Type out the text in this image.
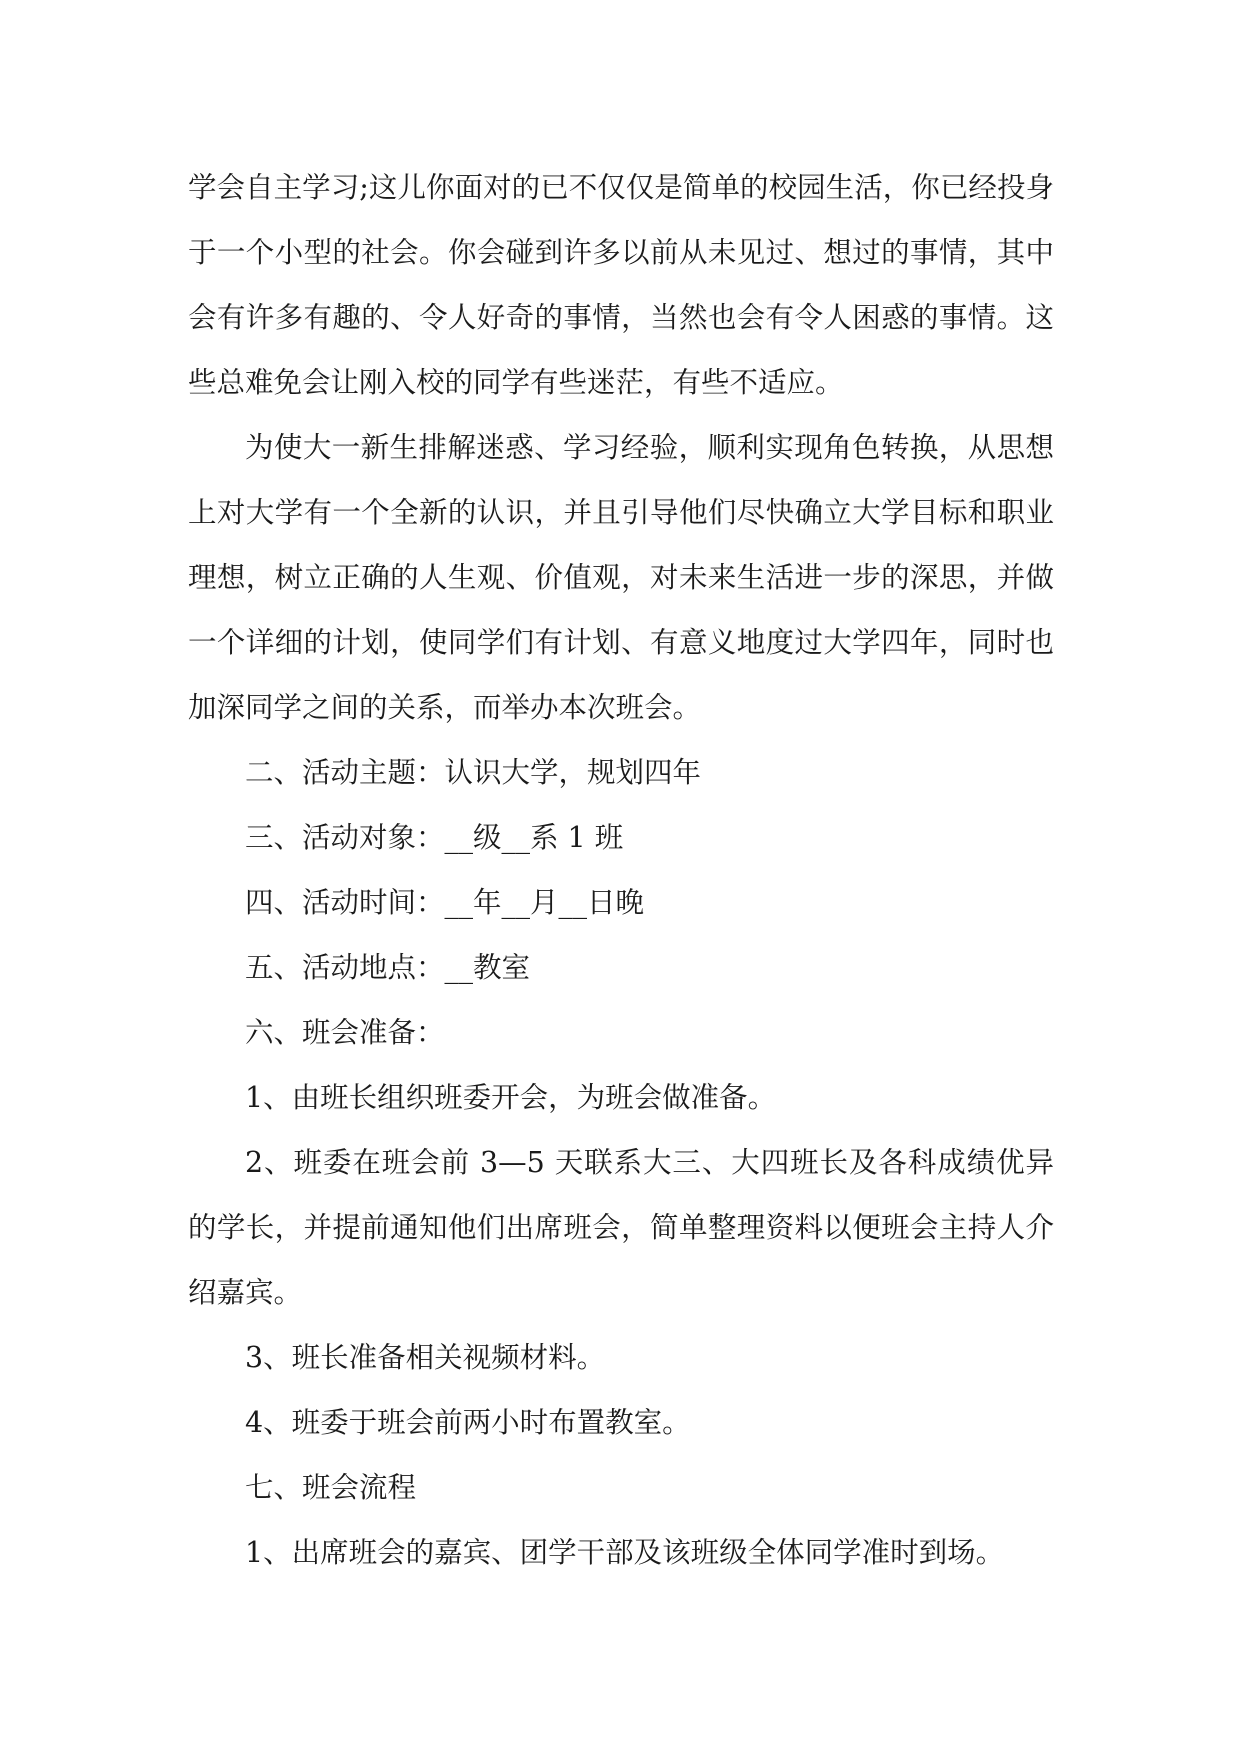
学会自主学习;这儿你面对的已不仅仅是简单的校园生活，你已经投身于一个小型的社会。你会碰到许多以前从未见过、想过的事情，其中会有许多有趣的、令人好奇的事情，当然也会有令人困惑的事情。这些总难免会让刚入校的同学有些迷茫，有些不适应。

为使大一新生排解迷惑、学习经验，顺利实现角色转换，从思想上对大学有一个全新的认识，并且引导他们尽快确立大学目标和职业理想，树立正确的人生观、价值观，对未来生活进一步的深思，并做一个详细的计划，使同学们有计划、有意义地度过大学四年，同时也加深同学之间的关系，而举办本次班会。

二、活动主题：认识大学，规划四年

三、活动对象：__级__系 1 班

四、活动时间：__年__月__日晚

五、活动地点：__教室

六、班会准备：

1、由班长组织班委开会，为班会做准备。

2、班委在班会前 3—5 天联系大三、大四班长及各科成绩优异的学长，并提前通知他们出席班会，简单整理资料以便班会主持人介绍嘉宾。

3、班长准备相关视频材料。

4、班委于班会前两小时布置教室。

七、班会流程

1、出席班会的嘉宾、团学干部及该班级全体同学准时到场。
